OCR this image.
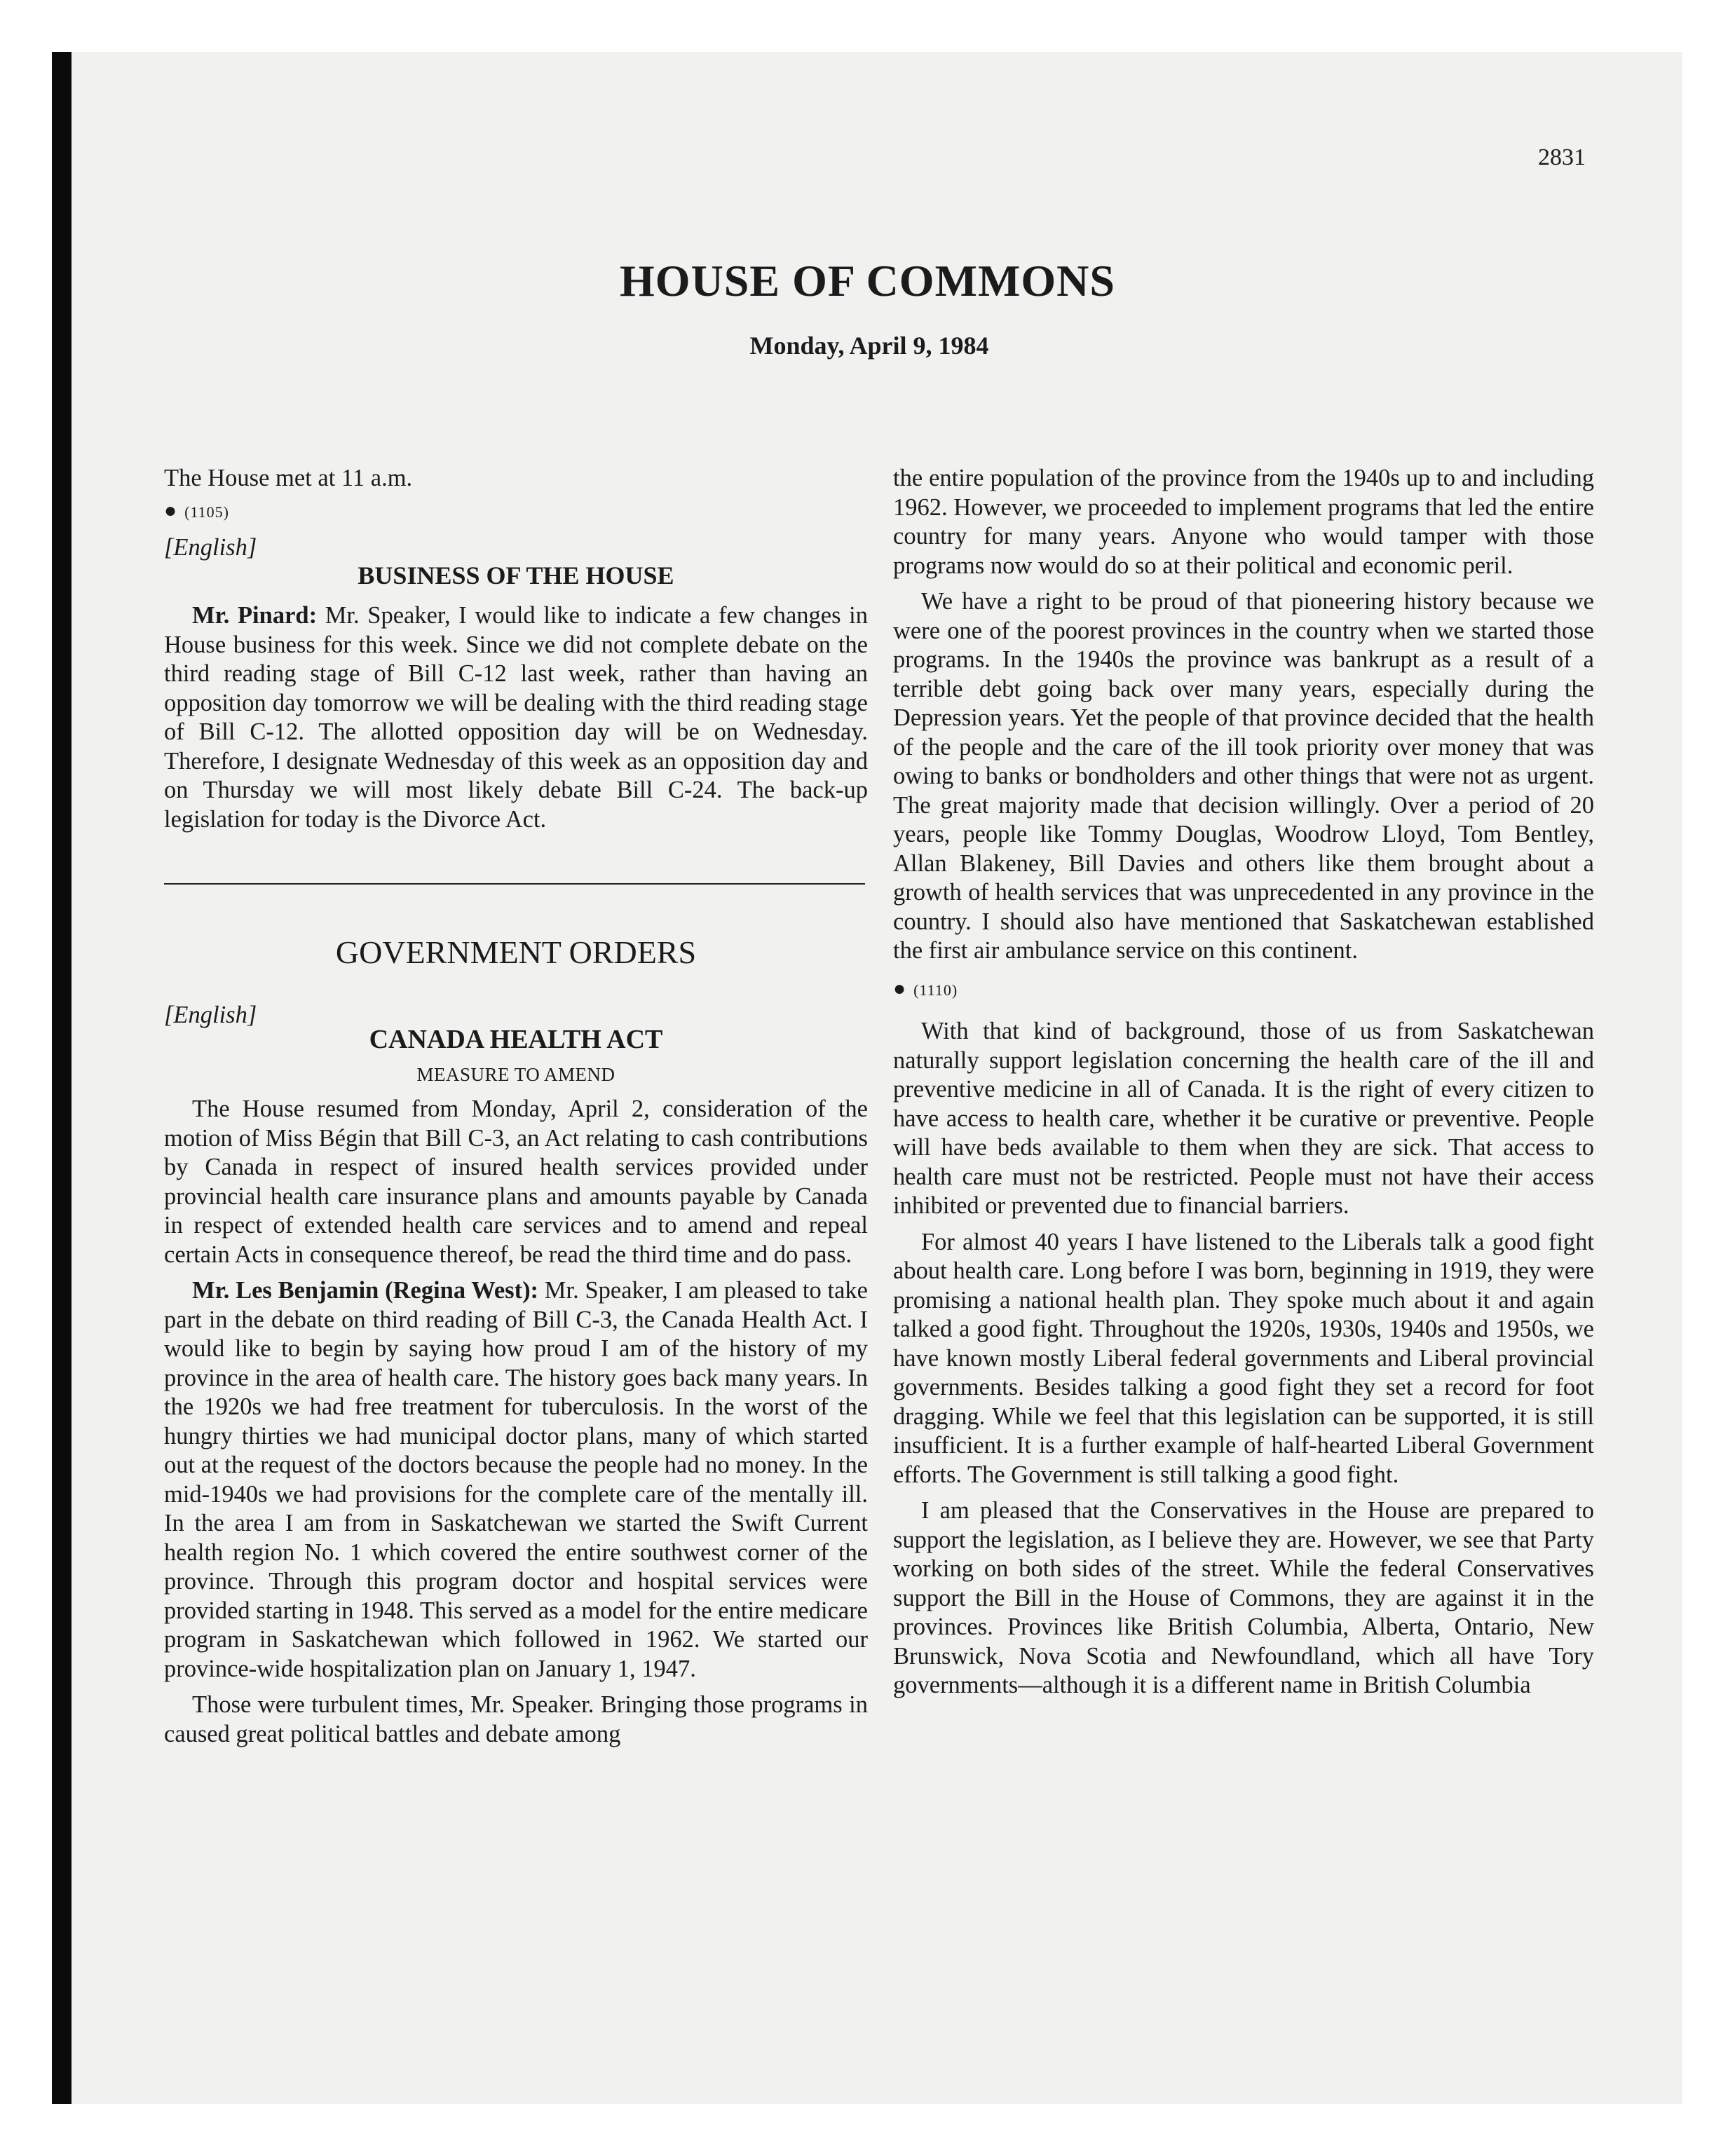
2831
HOUSE OF COMMONS
Monday, April 9, 1984

The House met at 11 a.m.

● (1105)
[English]
BUSINESS OF THE HOUSE

Mr. Pinard: Mr. Speaker, I would like to indicate a few changes in House business for this week. Since we did not complete debate on the third reading stage of Bill C-12 last week, rather than having an opposition day tomorrow we will be dealing with the third reading stage of Bill C-12. The allotted opposition day will be on Wednesday. Therefore, I designate Wednesday of this week as an opposition day and on Thursday we will most likely debate Bill C-24. The back-up legislation for today is the Divorce Act.

GOVERNMENT ORDERS
[English]
CANADA HEALTH ACT
MEASURE TO AMEND

The House resumed from Monday, April 2, consideration of the motion of Miss Bégin that Bill C-3, an Act relating to cash contributions by Canada in respect of insured health services provided under provincial health care insurance plans and amounts payable by Canada in respect of extended health care services and to amend and repeal certain Acts in consequence thereof, be read the third time and do pass.

Mr. Les Benjamin (Regina West): Mr. Speaker, I am pleased to take part in the debate on third reading of Bill C-3, the Canada Health Act. I would like to begin by saying how proud I am of the history of my province in the area of health care. The history goes back many years. In the 1920s we had free treatment for tuberculosis. In the worst of the hungry thirties we had municipal doctor plans, many of which started out at the request of the doctors because the people had no money. In the mid-1940s we had provisions for the complete care of the mentally ill. In the area I am from in Saskatchewan we started the Swift Current health region No. 1 which covered the entire southwest corner of the province. Through this program doctor and hospital services were provided starting in 1948. This served as a model for the entire medicare program in Saskatchewan which followed in 1962. We started our province-wide hospitalization plan on January 1, 1947.

Those were turbulent times, Mr. Speaker. Bringing those programs in caused great political battles and debate among

the entire population of the province from the 1940s up to and including 1962. However, we proceeded to implement programs that led the entire country for many years. Anyone who would tamper with those programs now would do so at their political and economic peril.

We have a right to be proud of that pioneering history because we were one of the poorest provinces in the country when we started those programs. In the 1940s the province was bankrupt as a result of a terrible debt going back over many years, especially during the Depression years. Yet the people of that province decided that the health of the people and the care of the ill took priority over money that was owing to banks or bondholders and other things that were not as urgent. The great majority made that decision willingly. Over a period of 20 years, people like Tommy Douglas, Woodrow Lloyd, Tom Bentley, Allan Blakeney, Bill Davies and others like them brought about a growth of health services that was unprecedented in any province in the country. I should also have mentioned that Saskatchewan established the first air ambulance service on this continent.

● (1110)

With that kind of background, those of us from Saskatchewan naturally support legislation concerning the health care of the ill and preventive medicine in all of Canada. It is the right of every citizen to have access to health care, whether it be curative or preventive. People will have beds available to them when they are sick. That access to health care must not be restricted. People must not have their access inhibited or prevented due to financial barriers.

For almost 40 years I have listened to the Liberals talk a good fight about health care. Long before I was born, beginning in 1919, they were promising a national health plan. They spoke much about it and again talked a good fight. Throughout the 1920s, 1930s, 1940s and 1950s, we have known mostly Liberal federal governments and Liberal provincial governments. Besides talking a good fight they set a record for foot dragging. While we feel that this legislation can be supported, it is still insufficient. It is a further example of half-hearted Liberal Government efforts. The Government is still talking a good fight.

I am pleased that the Conservatives in the House are prepared to support the legislation, as I believe they are. However, we see that Party working on both sides of the street. While the federal Conservatives support the Bill in the House of Commons, they are against it in the provinces. Provinces like British Columbia, Alberta, Ontario, New Brunswick, Nova Scotia and Newfoundland, which all have Tory governments—although it is a different name in British Columbia
